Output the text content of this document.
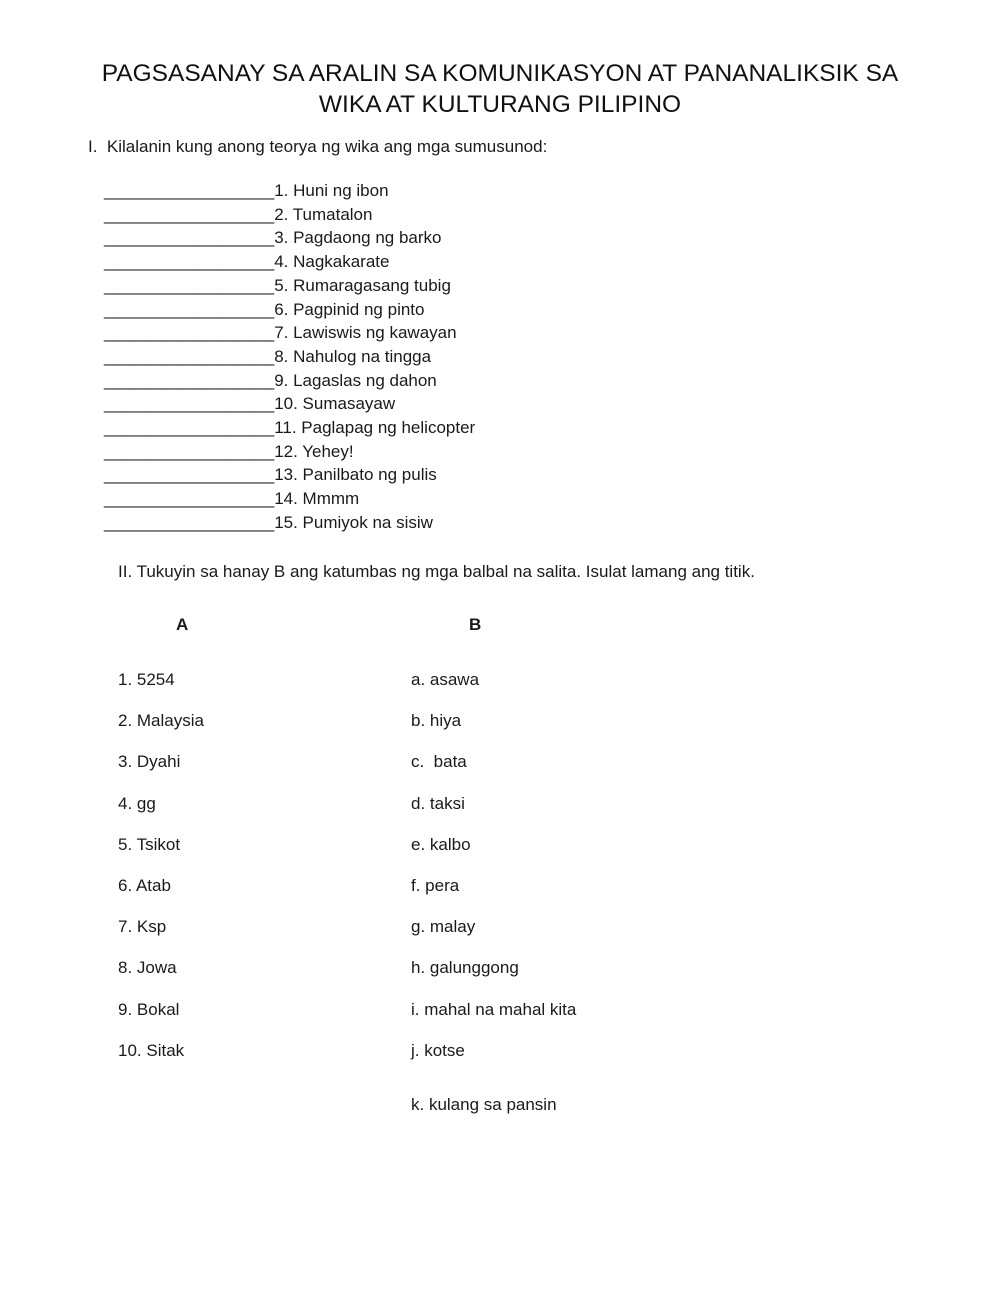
PAGSASANAY SA ARALIN SA KOMUNIKASYON AT PANANALIKSIK SA
WIKA AT KULTURANG PILIPINO
I.  Kilalanin kung anong teorya ng wika ang mga sumusunod:
__________________1. Huni ng ibon
__________________2. Tumatalon
__________________3. Pagdaong ng barko
__________________4. Nagkakarate
__________________5. Rumaragasang tubig
__________________6. Pagpinid ng pinto
__________________7. Lawiswis ng kawayan
__________________8. Nahulog na tingga
__________________9. Lagaslas ng dahon
__________________10. Sumasayaw
__________________11. Paglapag ng helicopter
__________________12. Yehey!
__________________13. Panilbato ng pulis
__________________14. Mmmm
__________________15. Pumiyok na sisiw
II. Tukuyin sa hanay B ang katumbas ng mga balbal na salita. Isulat lamang ang titik.
A	B
1. 5254
2. Malaysia
3. Dyahi
4. gg
5. Tsikot
6. Atab
7. Ksp
8. Jowa
9. Bokal
10. Sitak
a. asawa
b. hiya
c.  bata
d. taksi
e. kalbo
f. pera
g. malay
h. galunggong
i. mahal na mahal kita
j. kotse
k. kulang sa pansin
